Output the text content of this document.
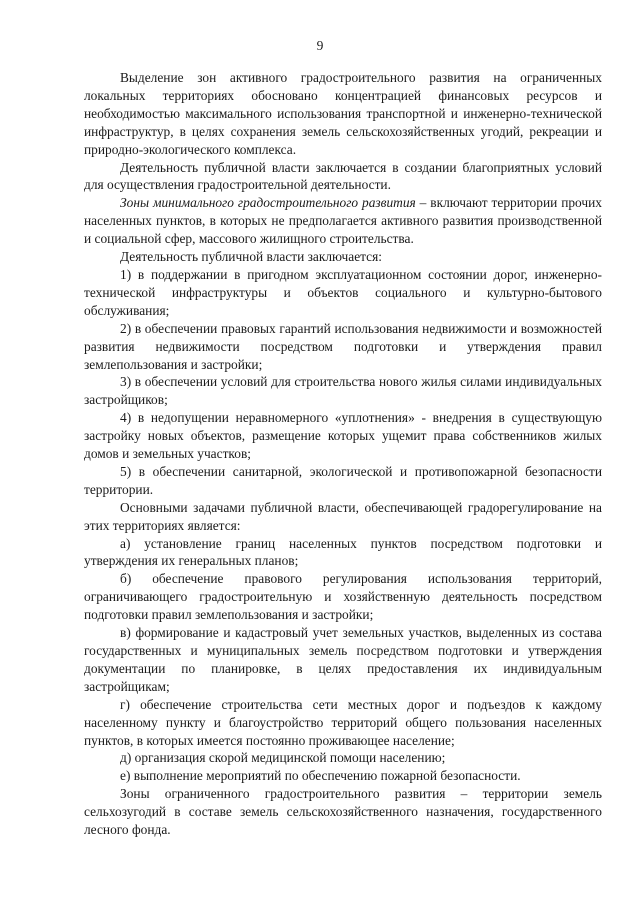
9

Выделение зон активного градостроительного развития на ограниченных локальных территориях обосновано концентрацией финансовых ресурсов и необходимостью максимального использования транспортной и инженерно-технической инфраструктур, в целях сохранения земель сельскохозяйственных угодий, рекреации и природно-экологического комплекса.

Деятельность публичной власти заключается в создании благоприятных условий для осуществления градостроительной деятельности.

Зоны минимального градостроительного развития – включают территории прочих населенных пунктов, в которых не предполагается активного развития производственной и социальной сфер, массового жилищного строительства.

Деятельность публичной власти заключается:

1) в поддержании в пригодном эксплуатационном состоянии дорог, инженерно-технической инфраструктуры и объектов социального и культурно-бытового обслуживания;

2) в обеспечении правовых гарантий использования недвижимости и возможностей развития недвижимости посредством подготовки и утверждения правил землепользования и застройки;

3) в обеспечении условий для строительства нового жилья силами индивидуальных застройщиков;

4) в недопущении неравномерного «уплотнения» - внедрения в существующую застройку новых объектов, размещение которых ущемит права собственников жилых домов и земельных участков;

5) в обеспечении санитарной, экологической и противопожарной безопасности территории.

Основными задачами публичной власти, обеспечивающей градорегулирование на этих территориях является:

а) установление границ населенных пунктов посредством подготовки и утверждения их генеральных планов;

б) обеспечение правового регулирования использования территорий, ограничивающего градостроительную и хозяйственную деятельность посредством подготовки правил землепользования и застройки;

в) формирование и кадастровый учет земельных участков, выделенных из состава государственных и муниципальных земель посредством подготовки и утверждения документации по планировке, в целях предоставления их индивидуальным застройщикам;

г) обеспечение строительства сети местных дорог и подъездов к каждому населенному пункту и благоустройство территорий общего пользования населенных пунктов, в которых имеется постоянно проживающее население;

д) организация скорой медицинской помощи населению;

е) выполнение мероприятий по обеспечению пожарной безопасности.

Зоны ограниченного градостроительного развития – территории земель сельхозугодий в составе земель сельскохозяйственного назначения, государственного лесного фонда.
